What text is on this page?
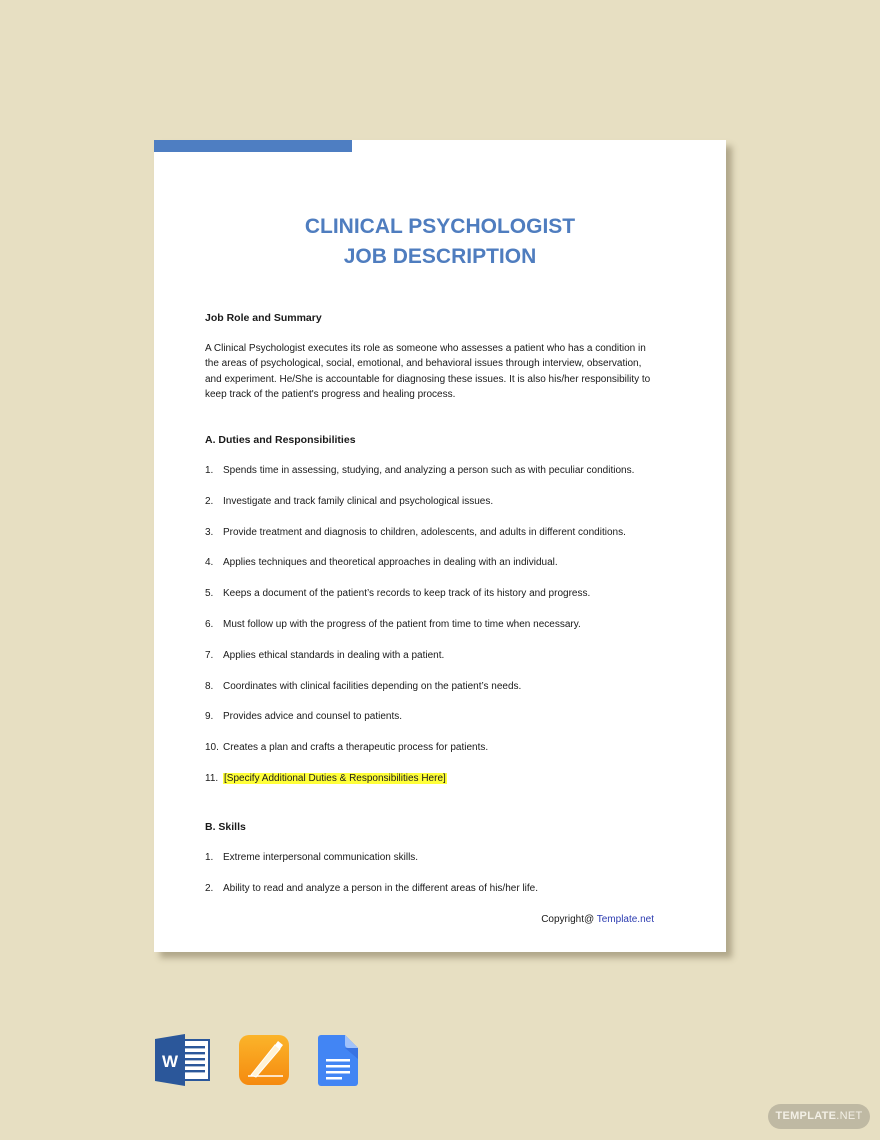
CLINICAL PSYCHOLOGIST
JOB DESCRIPTION

Job Role and Summary

A Clinical Psychologist executes its role as someone who assesses a patient who has a condition in the areas of psychological, social, emotional, and behavioral issues through interview, observation, and experiment. He/She is accountable for diagnosing these issues. It is also his/her responsibility to keep track of the patient's progress and healing process.

A. Duties and Responsibilities

1. Spends time in assessing, studying, and analyzing a person such as with peculiar conditions.
2. Investigate and track family clinical and psychological issues.
3. Provide treatment and diagnosis to children, adolescents, and adults in different conditions.
4. Applies techniques and theoretical approaches in dealing with an individual.
5. Keeps a document of the patient’s records to keep track of its history and progress.
6. Must follow up with the progress of the patient from time to time when necessary.
7. Applies ethical standards in dealing with a patient.
8. Coordinates with clinical facilities depending on the patient’s needs.
9. Provides advice and counsel to patients.
10. Creates a plan and crafts a therapeutic process for patients.
11. [Specify Additional Duties & Responsibilities Here]

B. Skills

1. Extreme interpersonal communication skills.
2. Ability to read and analyze a person in the different areas of his/her life.
Copyright@ Template.net
W
TEMPLATE.NET
